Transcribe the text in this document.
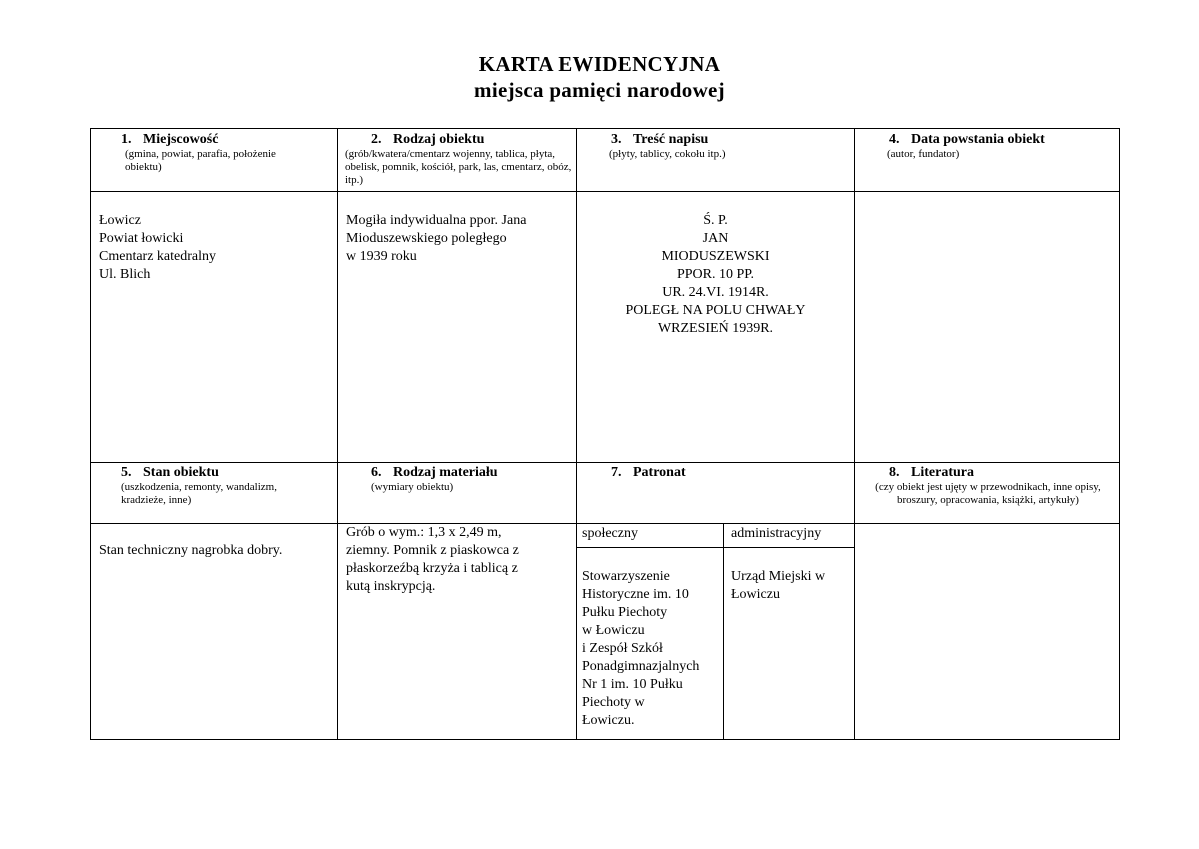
KARTA EWIDENCYJNA
miejsca pamięci narodowej
1. Miejscowość
(gmina, powiat, parafia, położenie obiektu)
2. Rodzaj obiektu
(grób/kwatera/cmentarz wojenny, tablica, płyta, obelisk, pomnik, kościół, park, las, cmentarz, obóz, itp.)
3. Treść napisu
(płyty, tablicy, cokołu itp.)
4. Data powstania obiekt
(autor, fundator)
Łowicz
Powiat łowicki
Cmentarz katedralny
Ul. Blich
Mogiła indywidualna ppor. Jana
Mioduszewskiego poległego
w 1939 roku
Ś. P.
JAN
MIODUSZEWSKI
PPOR. 10 PP.
UR. 24.VI. 1914R.
POLEGŁ NA POLU CHWAŁY
WRZESIEŃ 1939R.
5. Stan obiektu
(uszkodzenia, remonty, wandalizm, kradzieże, inne)
6. Rodzaj materiału
(wymiary obiektu)
7. Patronat	8. Literatura
(czy obiekt jest ujęty w przewodnikach, inne opisy, broszury, opracowania, książki, artykuły)
Stan techniczny nagrobka dobry.
Grób o wym.: 1,3 x 2,49 m,
ziemny. Pomnik z piaskowca z
płaskorzeźbą krzyża i tablicą z
kutą inskrypcją.
społeczny	administracyjny
Stowarzyszenie
Historyczne im. 10
Pułku Piechoty
w Łowiczu
i Zespół Szkół
Ponadgimnazjalnych
Nr 1 im. 10 Pułku
Piechoty w
Łowiczu.
Urząd Miejski w
Łowiczu
